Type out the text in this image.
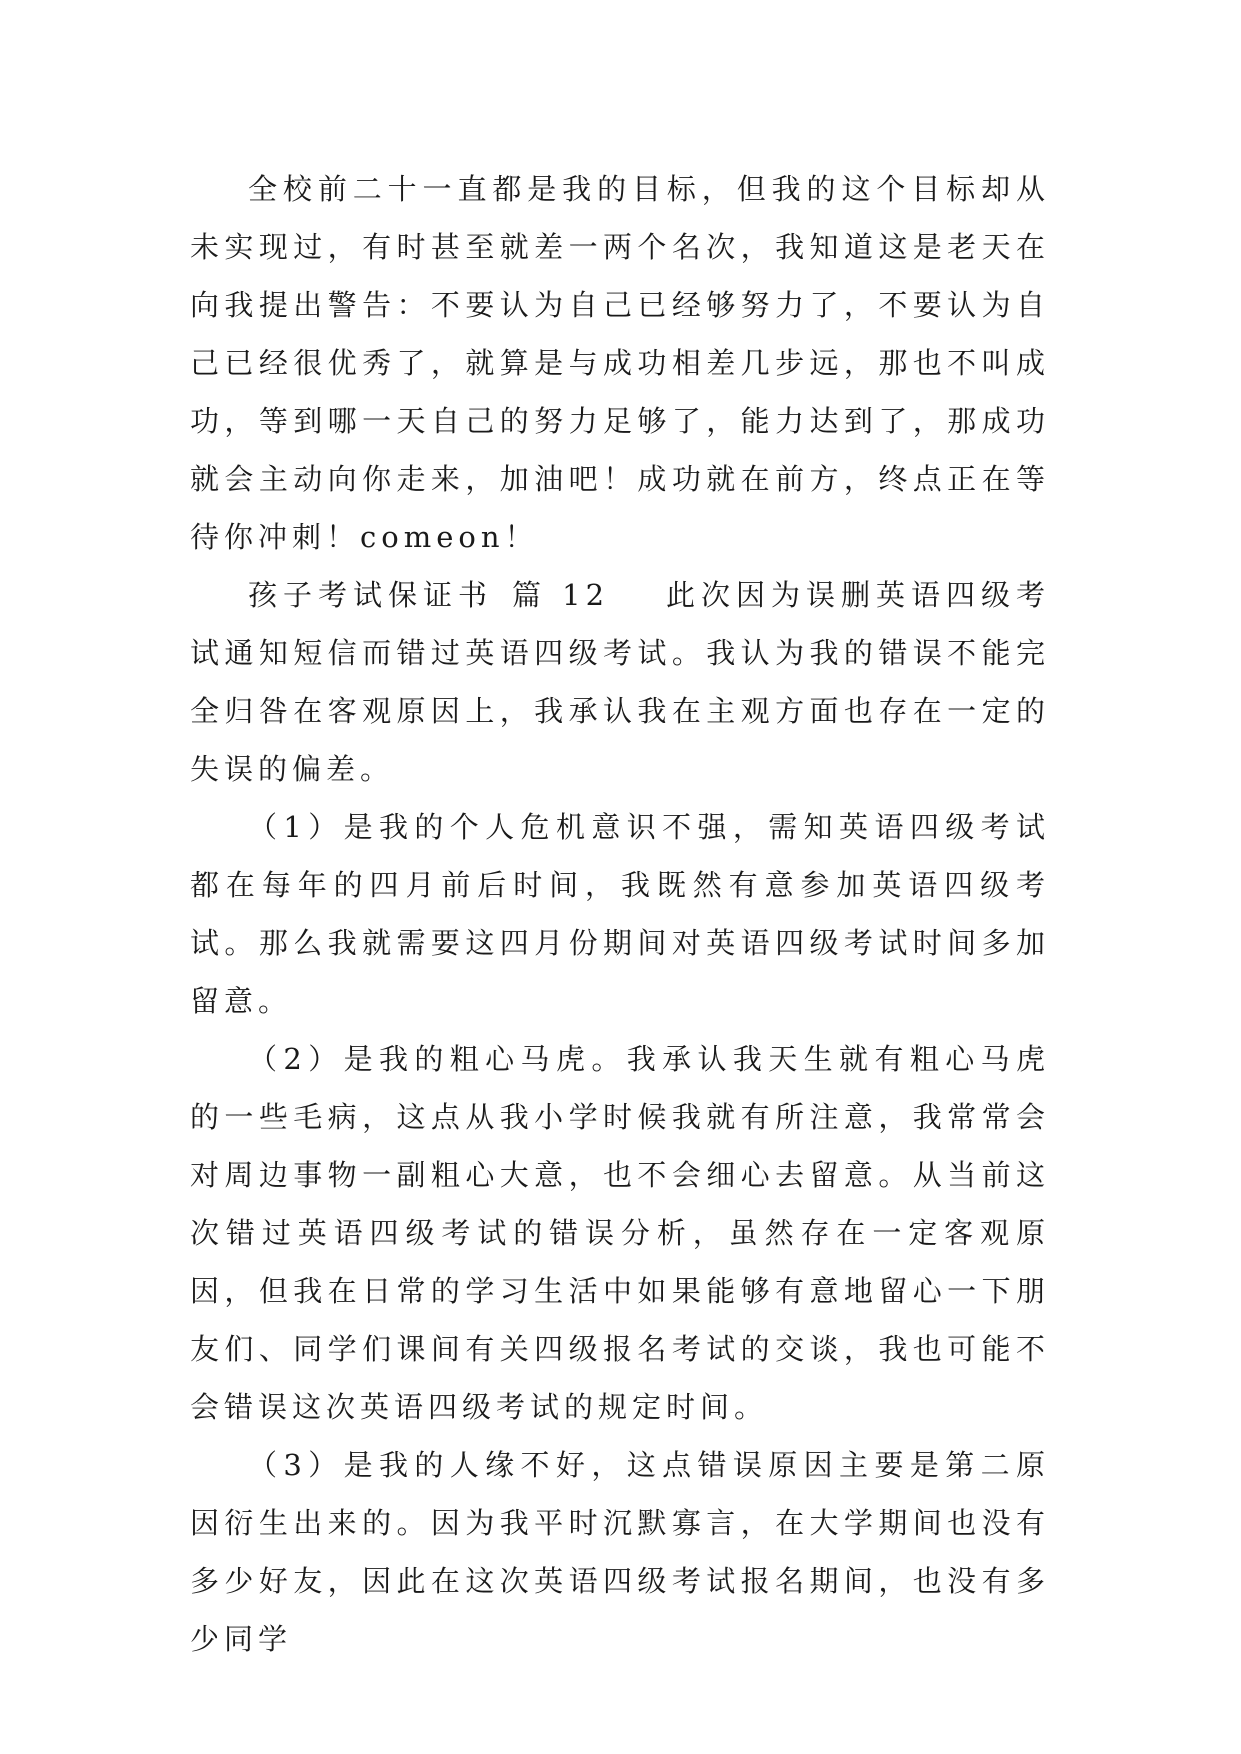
全校前二十一直都是我的目标，但我的这个目标却从未实现过，有时甚至就差一两个名次，我知道这是老天在向我提出警告：不要认为自己已经够努力了，不要认为自己已经很优秀了，就算是与成功相差几步远，那也不叫成功，等到哪一天自己的努力足够了，能力达到了，那成功就会主动向你走来，加油吧！成功就在前方，终点正在等待你冲刺！comeon！

孩子考试保证书 篇 12 此次因为误删英语四级考试通知短信而错过英语四级考试。我认为我的错误不能完全归咎在客观原因上，我承认我在主观方面也存在一定的失误的偏差。

（1）是我的个人危机意识不强，需知英语四级考试都在每年的四月前后时间，我既然有意参加英语四级考试。那么我就需要这四月份期间对英语四级考试时间多加留意。

（2）是我的粗心马虎。我承认我天生就有粗心马虎的一些毛病，这点从我小学时候我就有所注意，我常常会对周边事物一副粗心大意，也不会细心去留意。从当前这次错过英语四级考试的错误分析，虽然存在一定客观原因，但我在日常的学习生活中如果能够有意地留心一下朋友们、同学们课间有关四级报名考试的交谈，我也可能不会错误这次英语四级考试的规定时间。

（3）是我的人缘不好，这点错误原因主要是第二原因衍生出来的。因为我平时沉默寡言，在大学期间也没有多少好友，因此在这次英语四级考试报名期间，也没有多少同学
